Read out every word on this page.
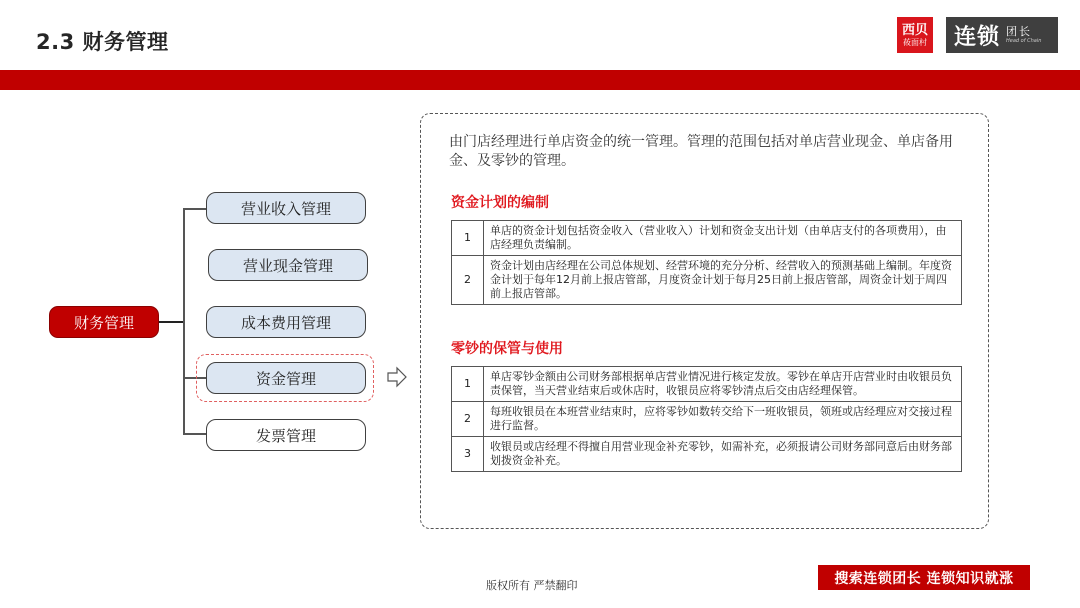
2.3 财务管理	西贝
莜面村 连锁 团长
Head of Chain
财务管理
营业收入管理
营业现金管理
成本费用管理
资金管理
发票管理
由门店经理进行单店资金的统一管理。管理的范围包括对单店营业现金、单店备用金、及零钞的管理。
资金计划的编制
1	单店的资金计划包括资金收入（营业收入）计划和资金支出计划（由单店支付的各项费用），由店经理负责编制。
2	资金计划由店经理在公司总体规划、经营环境的充分分析、经营收入的预测基础上编制。年度资金计划于每年12月前上报店管部，月度资金计划于每月25日前上报店管部，周资金计划于周四前上报店管部。
零钞的保管与使用
1	单店零钞金额由公司财务部根据单店营业情况进行核定发放。零钞在单店开店营业时由收银员负责保管，当天营业结束后或休店时，收银员应将零钞清点后交由店经理保管。
2	每班收银员在本班营业结束时，应将零钞如数转交给下一班收银员，领班或店经理应对交接过程进行监督。
3	收银员或店经理不得擅自用营业现金补充零钞，如需补充，必须报请公司财务部同意后由财务部划拨资金补充。
版权所有 严禁翻印	搜索连锁团长 连锁知识就涨
